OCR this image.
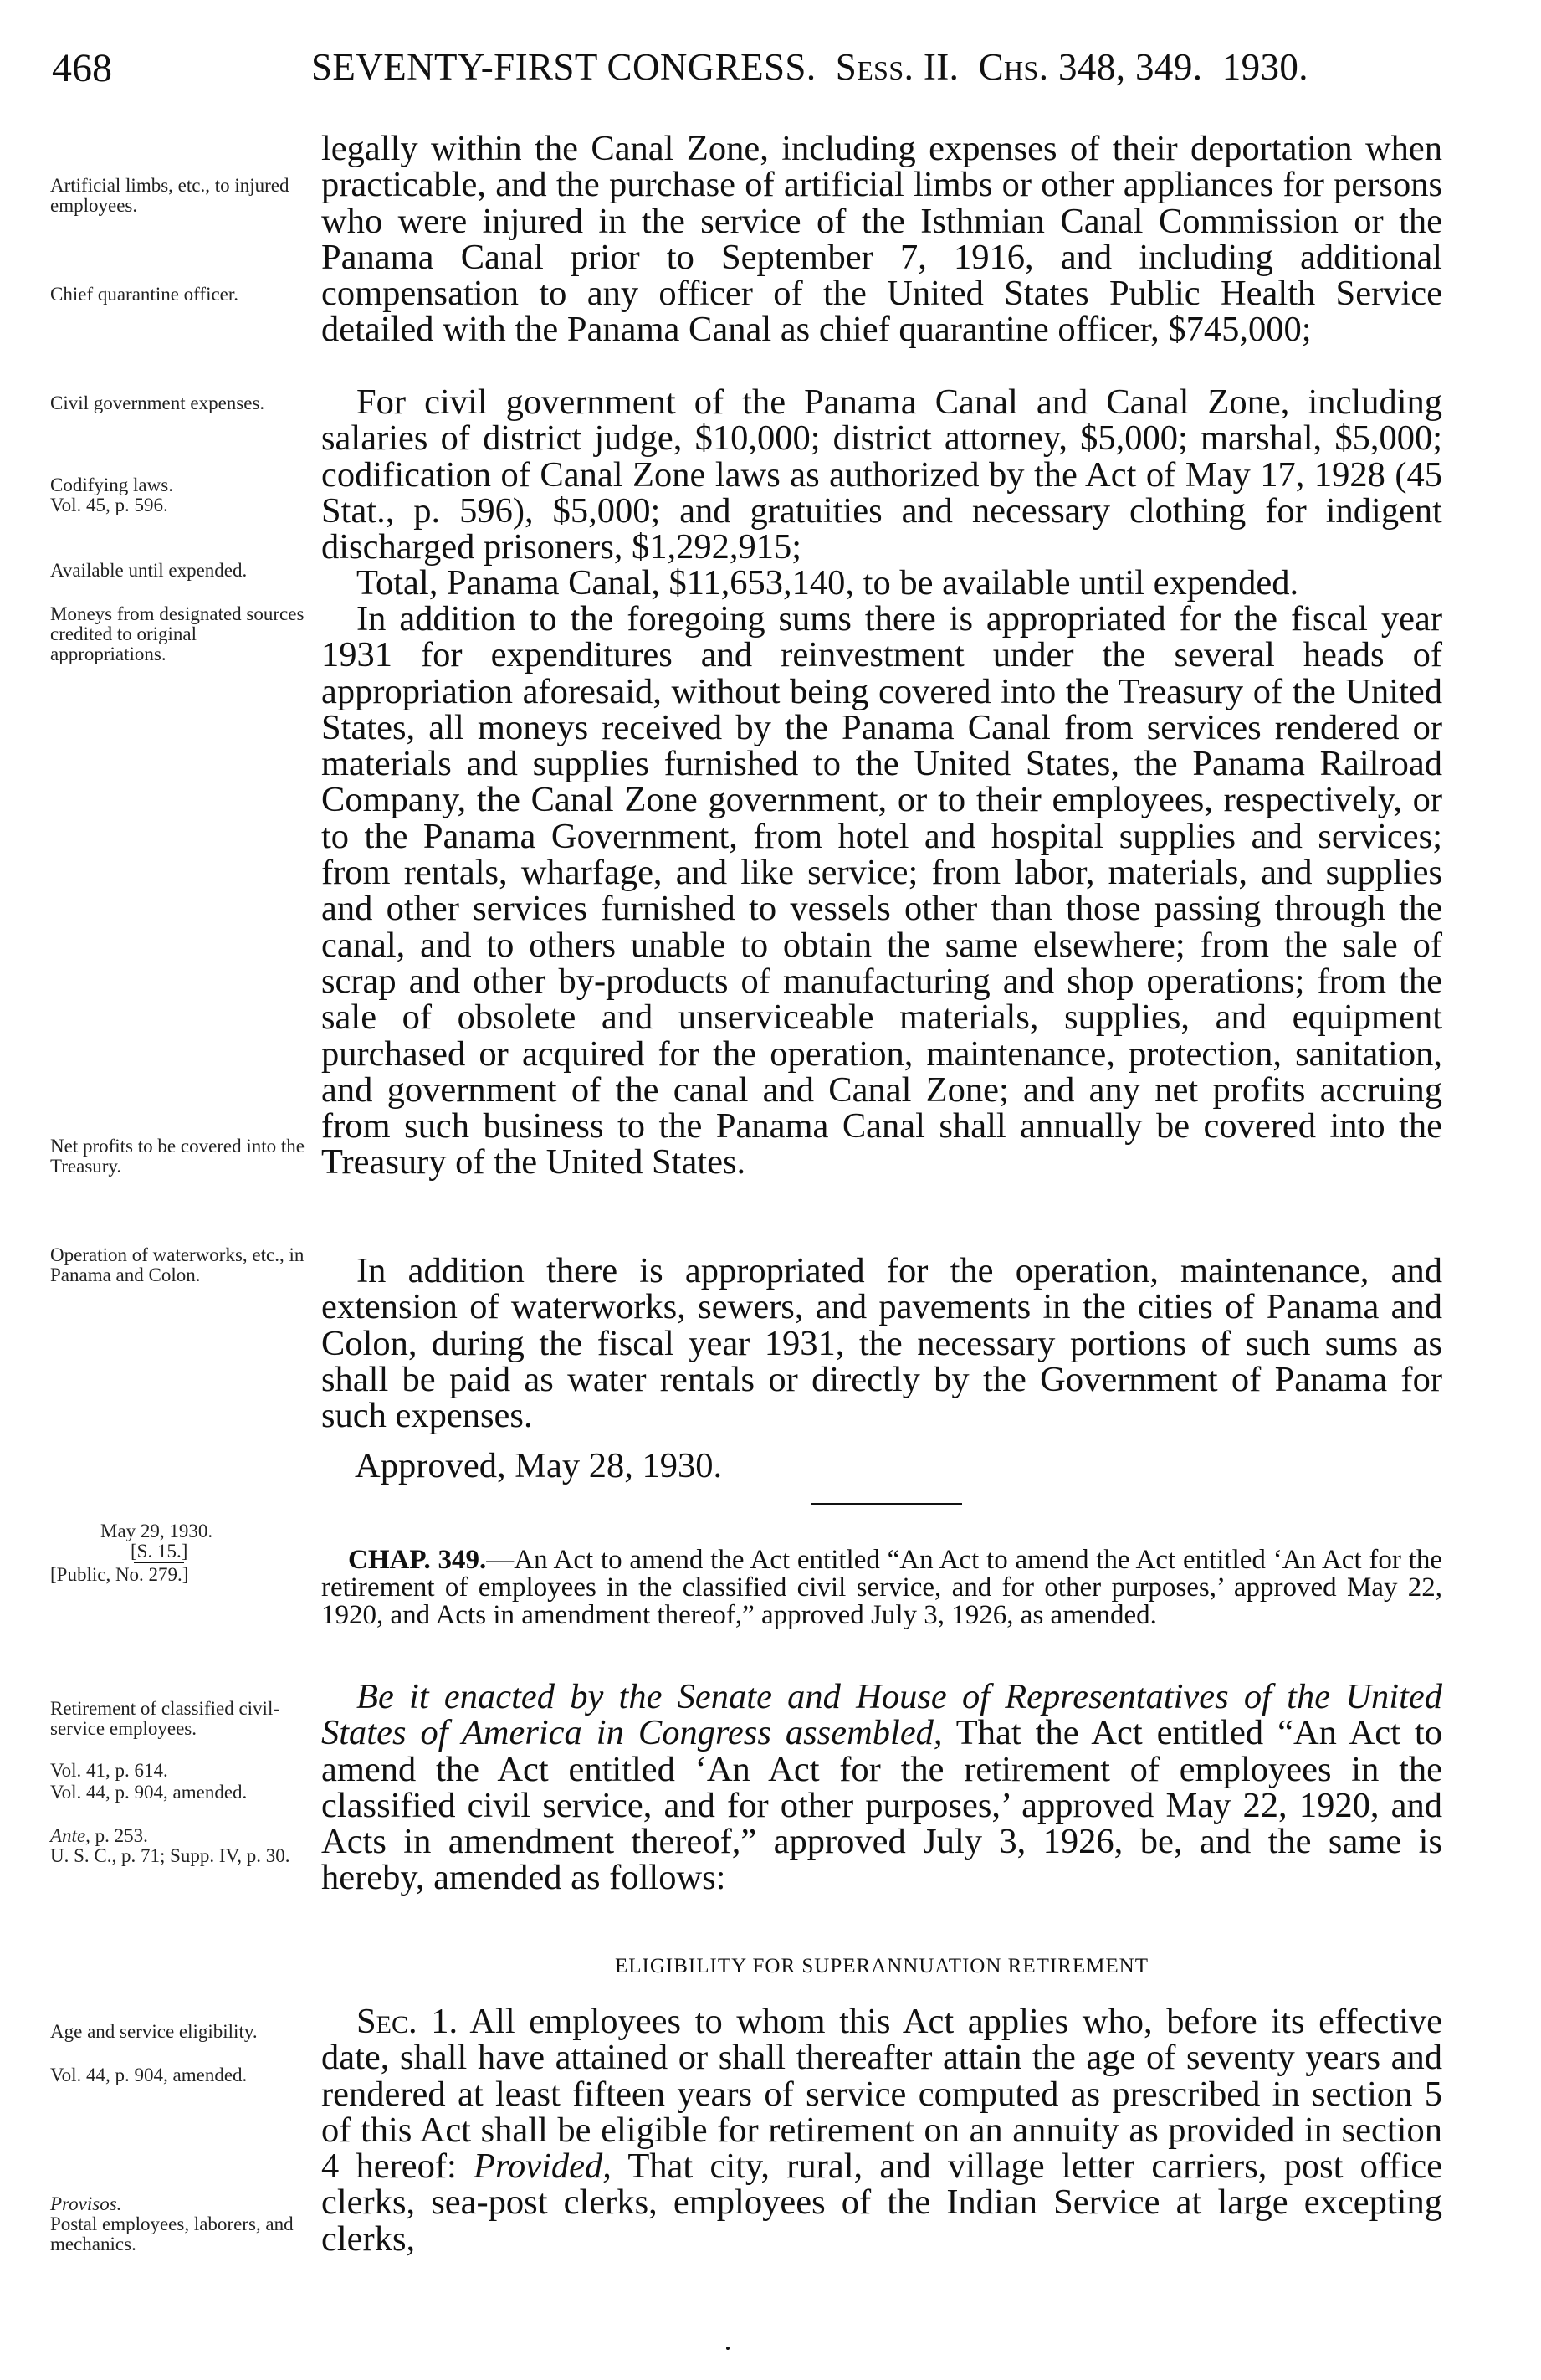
468	SEVENTY-FIRST CONGRESS. Sess. II. Chs. 348, 349. 1930.
Artificial limbs, etc., to injured employees.
Chief quarantine officer.
Civil government expenses.
Codifying laws.
Vol. 45, p. 596.
Available until expended.
Moneys from designated sources credited to original appropriations.
Net profits to be covered into the Treasury.
Operation of waterworks, etc., in Panama and Colon.
May 29, 1930.
[S. 15.]
[Public, No. 279.]
Retirement of classified civil-service employees.
Vol. 41, p. 614.
Vol. 44, p. 904, amended.
Ante, p. 253.
U. S. C., p. 71; Supp. IV, p. 30.
Age and service eligibility.
Vol. 44, p. 904, amended.
Provisos.
Postal employees, laborers, and mechanics.
legally within the Canal Zone, including expenses of their deportation when practicable, and the purchase of artificial limbs or other appliances for persons who were injured in the service of the Isthmian Canal Commission or the Panama Canal prior to September 7, 1916, and including additional compensation to any officer of the United States Public Health Service detailed with the Panama Canal as chief quarantine officer, $745,000;
For civil government of the Panama Canal and Canal Zone, including salaries of district judge, $10,000; district attorney, $5,000; marshal, $5,000; codification of Canal Zone laws as authorized by the Act of May 17, 1928 (45 Stat., p. 596), $5,000; and gratuities and necessary clothing for indigent discharged prisoners, $1,292,915;
Total, Panama Canal, $11,653,140, to be available until expended.
In addition to the foregoing sums there is appropriated for the fiscal year 1931 for expenditures and reinvestment under the several heads of appropriation aforesaid, without being covered into the Treasury of the United States, all moneys received by the Panama Canal from services rendered or materials and supplies furnished to the United States, the Panama Railroad Company, the Canal Zone government, or to their employees, respectively, or to the Panama Government, from hotel and hospital supplies and services; from rentals, wharfage, and like service; from labor, materials, and supplies and other services furnished to vessels other than those passing through the canal, and to others unable to obtain the same elsewhere; from the sale of scrap and other by-products of manufacturing and shop operations; from the sale of obsolete and unserviceable materials, supplies, and equipment purchased or acquired for the operation, maintenance, protection, sanitation, and government of the canal and Canal Zone; and any net profits accruing from such business to the Panama Canal shall annually be covered into the Treasury of the United States.
In addition there is appropriated for the operation, maintenance, and extension of waterworks, sewers, and pavements in the cities of Panama and Colon, during the fiscal year 1931, the necessary portions of such sums as shall be paid as water rentals or directly by the Government of Panama for such expenses.
Approved, May 28, 1930.
CHAP. 349.—An Act to amend the Act entitled “An Act to amend the Act entitled ‘An Act for the retirement of employees in the classified civil service, and for other purposes,’ approved May 22, 1920, and Acts in amendment thereof,” approved July 3, 1926, as amended.
Be it enacted by the Senate and House of Representatives of the United States of America in Congress assembled, That the Act entitled “An Act to amend the Act entitled ‘An Act for the retirement of employees in the classified civil service, and for other purposes,’ approved May 22, 1920, and Acts in amendment thereof,” approved July 3, 1926, be, and the same is hereby, amended as follows:
ELIGIBILITY FOR SUPERANNUATION RETIREMENT
Sec. 1. All employees to whom this Act applies who, before its effective date, shall have attained or shall thereafter attain the age of seventy years and rendered at least fifteen years of service computed as prescribed in section 5 of this Act shall be eligible for retirement on an annuity as provided in section 4 hereof: Provided, That city, rural, and village letter carriers, post office clerks, sea-post clerks, employees of the Indian Service at large excepting clerks,
